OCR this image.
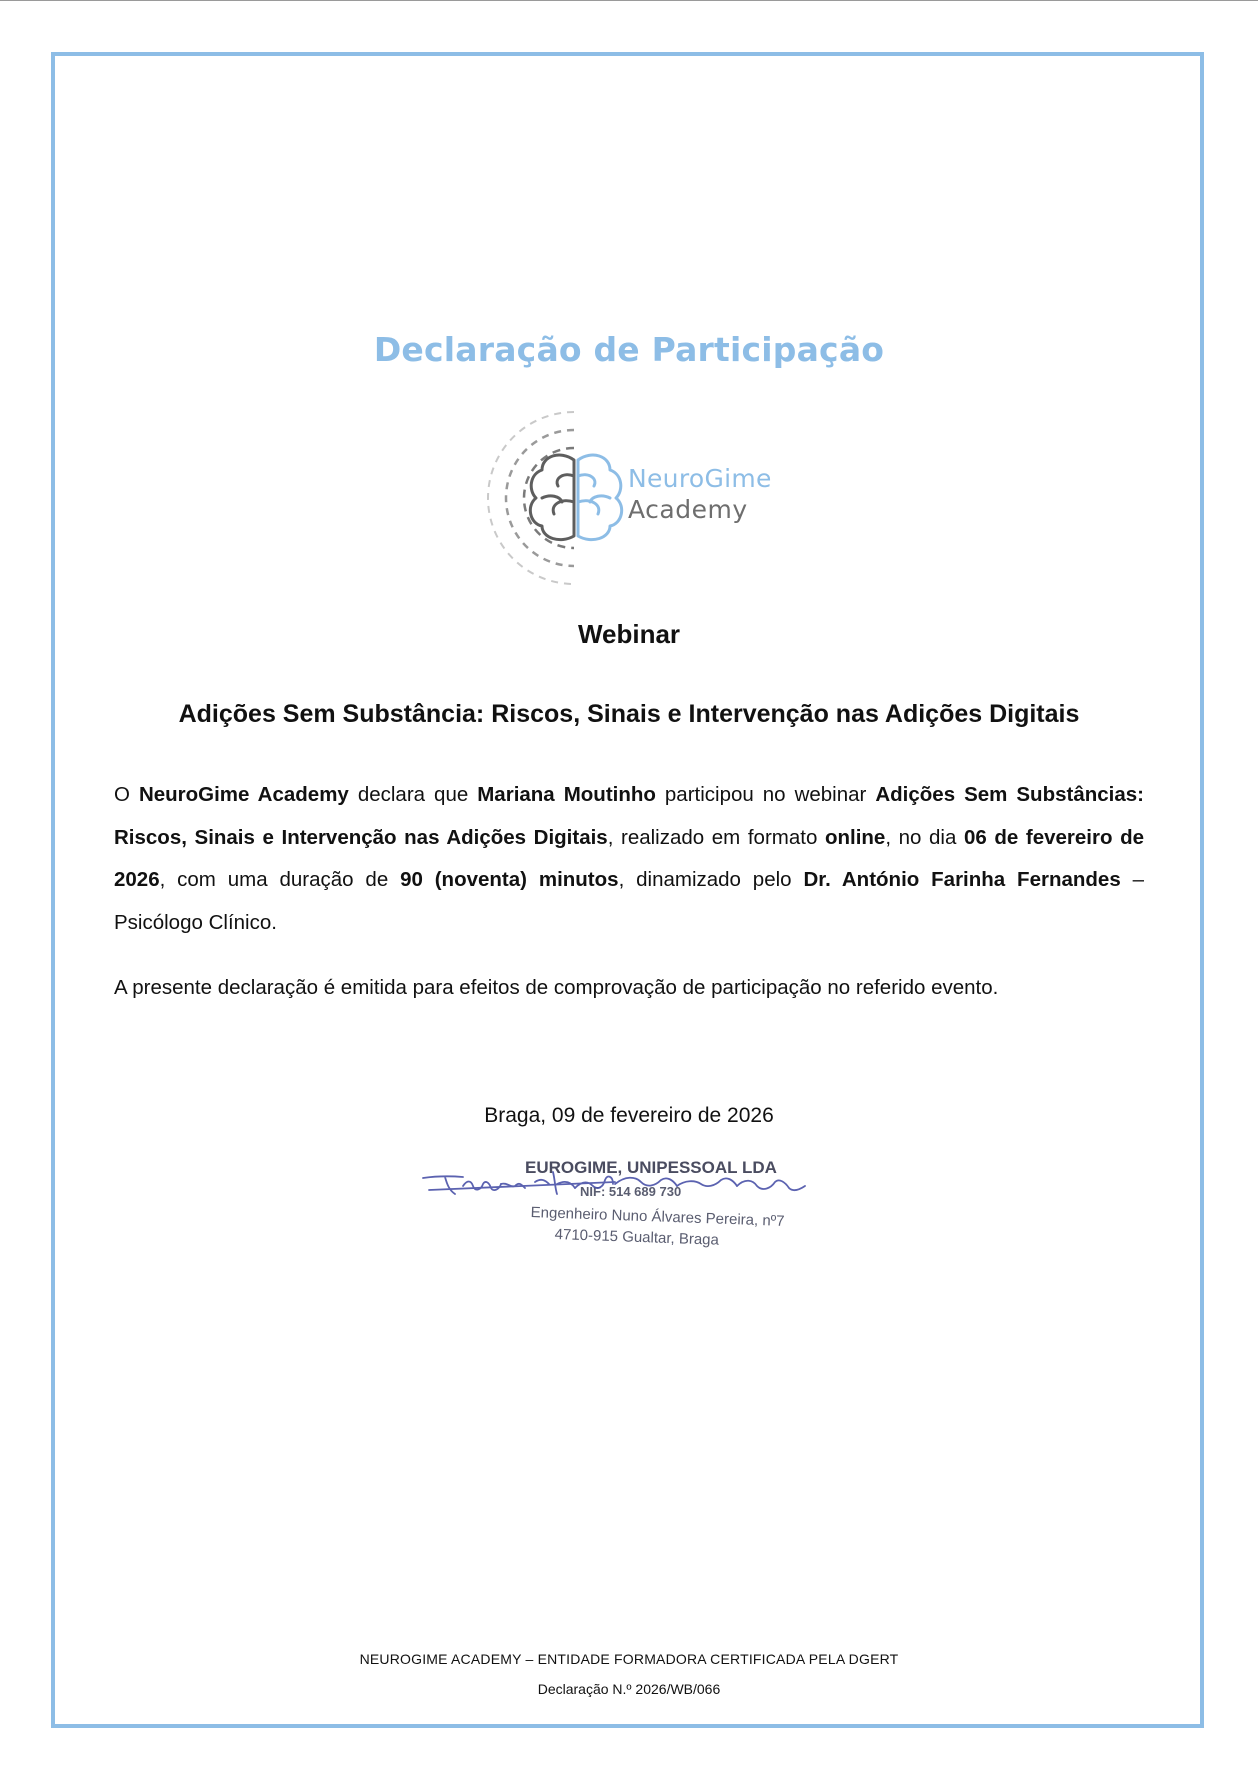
Declaração de Participação
NeuroGime
Academy
Webinar
Adições Sem Substância: Riscos, Sinais e Intervenção nas Adições Digitais
O NeuroGime Academy declara que Mariana Moutinho participou no webinar Adições Sem Substâncias: Riscos, Sinais e Intervenção nas Adições Digitais, realizado em formato online, no dia 06 de fevereiro de 2026, com uma duração de 90 (noventa) minutos, dinamizado pelo Dr. António Farinha Fernandes – Psicólogo Clínico.
A presente declaração é emitida para efeitos de comprovação de participação no referido evento.
Braga, 09 de fevereiro de 2026
EUROGIME, UNIPESSOAL LDA
NIF: 514 689 730
Engenheiro Nuno Álvares Pereira, nº7
4710-915 Gualtar, Braga
NEUROGIME ACADEMY – ENTIDADE FORMADORA CERTIFICADA PELA DGERT
Declaração N.º 2026/WB/066
